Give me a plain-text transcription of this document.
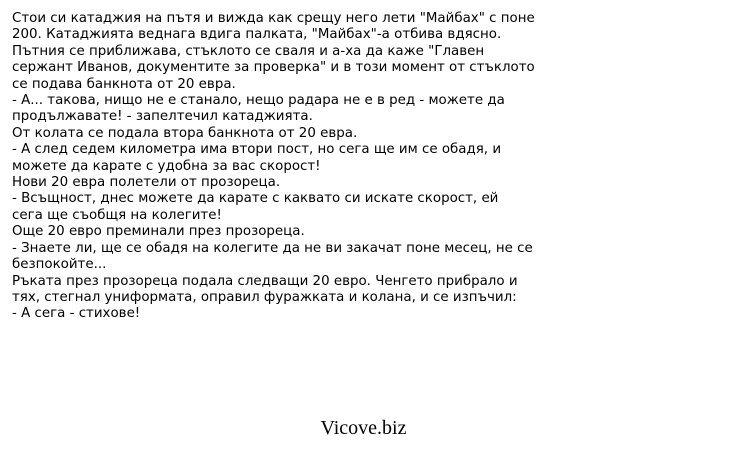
Стои си катаджия на пътя и вижда как срещу него лети "Майбах" с поне
200. Катаджията веднага вдига палката, "Майбах"-а отбива вдясно.
Пътния се приближава, стъклото се сваля и а-ха да каже "Главен
сержант Иванов, документите за проверка" и в този момент от стъклото
се подава банкнота от 20 евра.
- А... такова, нищо не е станало, нещо радара не е в ред - можете да
продължавате! - запелтечил катаджията.
От колата се подала втора банкнота от 20 евра.
- А след седем километра има втори пост, но сега ще им се обадя, и
можете да карате с удобна за вас скорост!
Нови 20 евра полетели от прозореца.
- Всъщност, днес можете да карате с каквато си искате скорост, ей
сега ще съобщя на колегите!
Още 20 евро преминали през прозореца.
- Знаете ли, ще се обадя на колегите да не ви закачат поне месец, не се
безпокойте...
Ръката през прозореца подала следващи 20 евро. Ченгето прибрало и
тях, стегнал униформата, оправил фуражката и колана, и се изпъчил:
- А сега - стихове!
Vicove.biz
